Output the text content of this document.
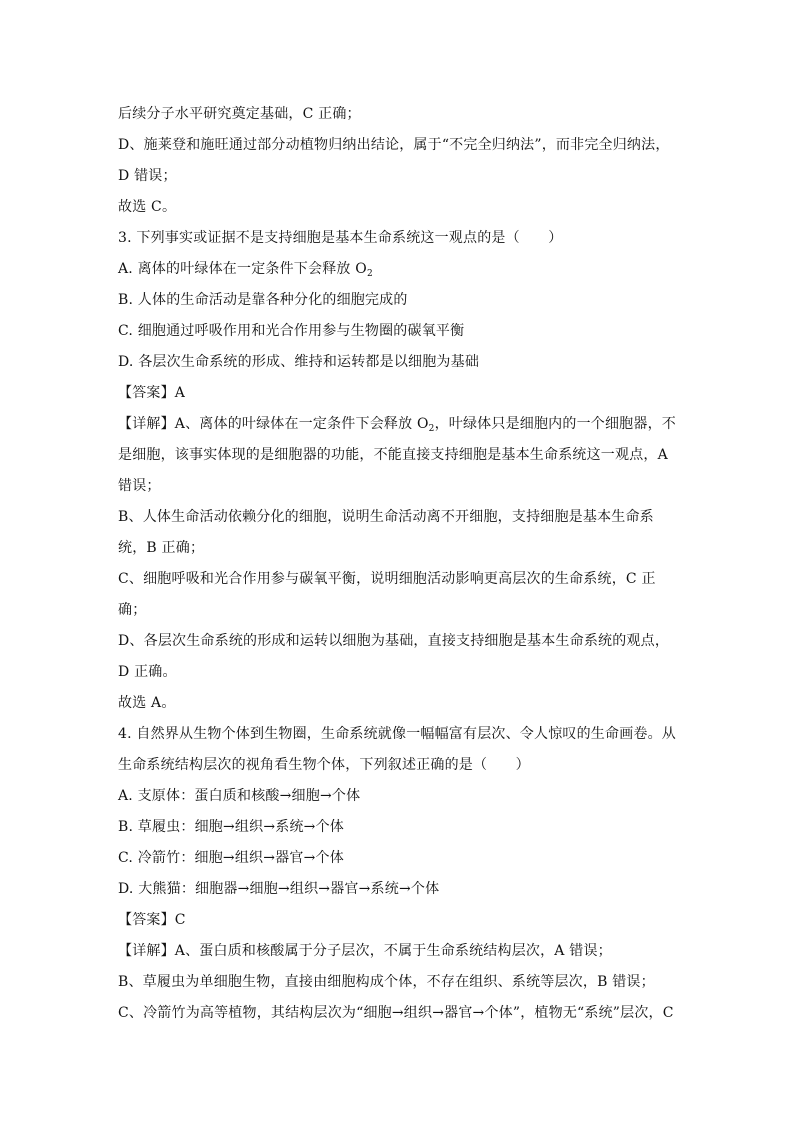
后续分子水平研究奠定基础，C 正确；
D、施莱登和施旺通过部分动植物归纳出结论，属于“不完全归纳法”，而非完全归纳法，
D 错误；
故选 C。
3. 下列事实或证据不是支持细胞是基本生命系统这一观点的是（　　）
A. 离体的叶绿体在一定条件下会释放 $O_2$
B. 人体的生命活动是靠各种分化的细胞完成的
C. 细胞通过呼吸作用和光合作用参与生物圈的碳氧平衡
D. 各层次生命系统的形成、维持和运转都是以细胞为基础
【答案】A
【详解】A、离体的叶绿体在一定条件下会释放 $O_2$，叶绿体只是细胞内的一个细胞器，不
是细胞，该事实体现的是细胞器的功能，不能直接支持细胞是基本生命系统这一观点，A
错误；
B、人体生命活动依赖分化的细胞，说明生命活动离不开细胞，支持细胞是基本生命系
统，B 正确；
C、细胞呼吸和光合作用参与碳氧平衡，说明细胞活动影响更高层次的生命系统，C 正
确；
D、各层次生命系统的形成和运转以细胞为基础，直接支持细胞是基本生命系统的观点，
D 正确。
故选 A。
4. 自然界从生物个体到生物圈，生命系统就像一幅幅富有层次、令人惊叹的生命画卷。从
生命系统结构层次的视角看生物个体，下列叙述正确的是（　　）
A. 支原体：蛋白质和核酸→细胞→个体
B. 草履虫：细胞→组织→系统→个体
C. 冷箭竹：细胞→组织→器官→个体
D. 大熊猫：细胞器→细胞→组织→器官→系统→个体
【答案】C
【详解】A、蛋白质和核酸属于分子层次，不属于生命系统结构层次，A 错误；
B、草履虫为单细胞生物，直接由细胞构成个体，不存在组织、系统等层次，B 错误；
C、冷箭竹为高等植物，其结构层次为“细胞→组织→器官→个体”，植物无“系统”层次，C
